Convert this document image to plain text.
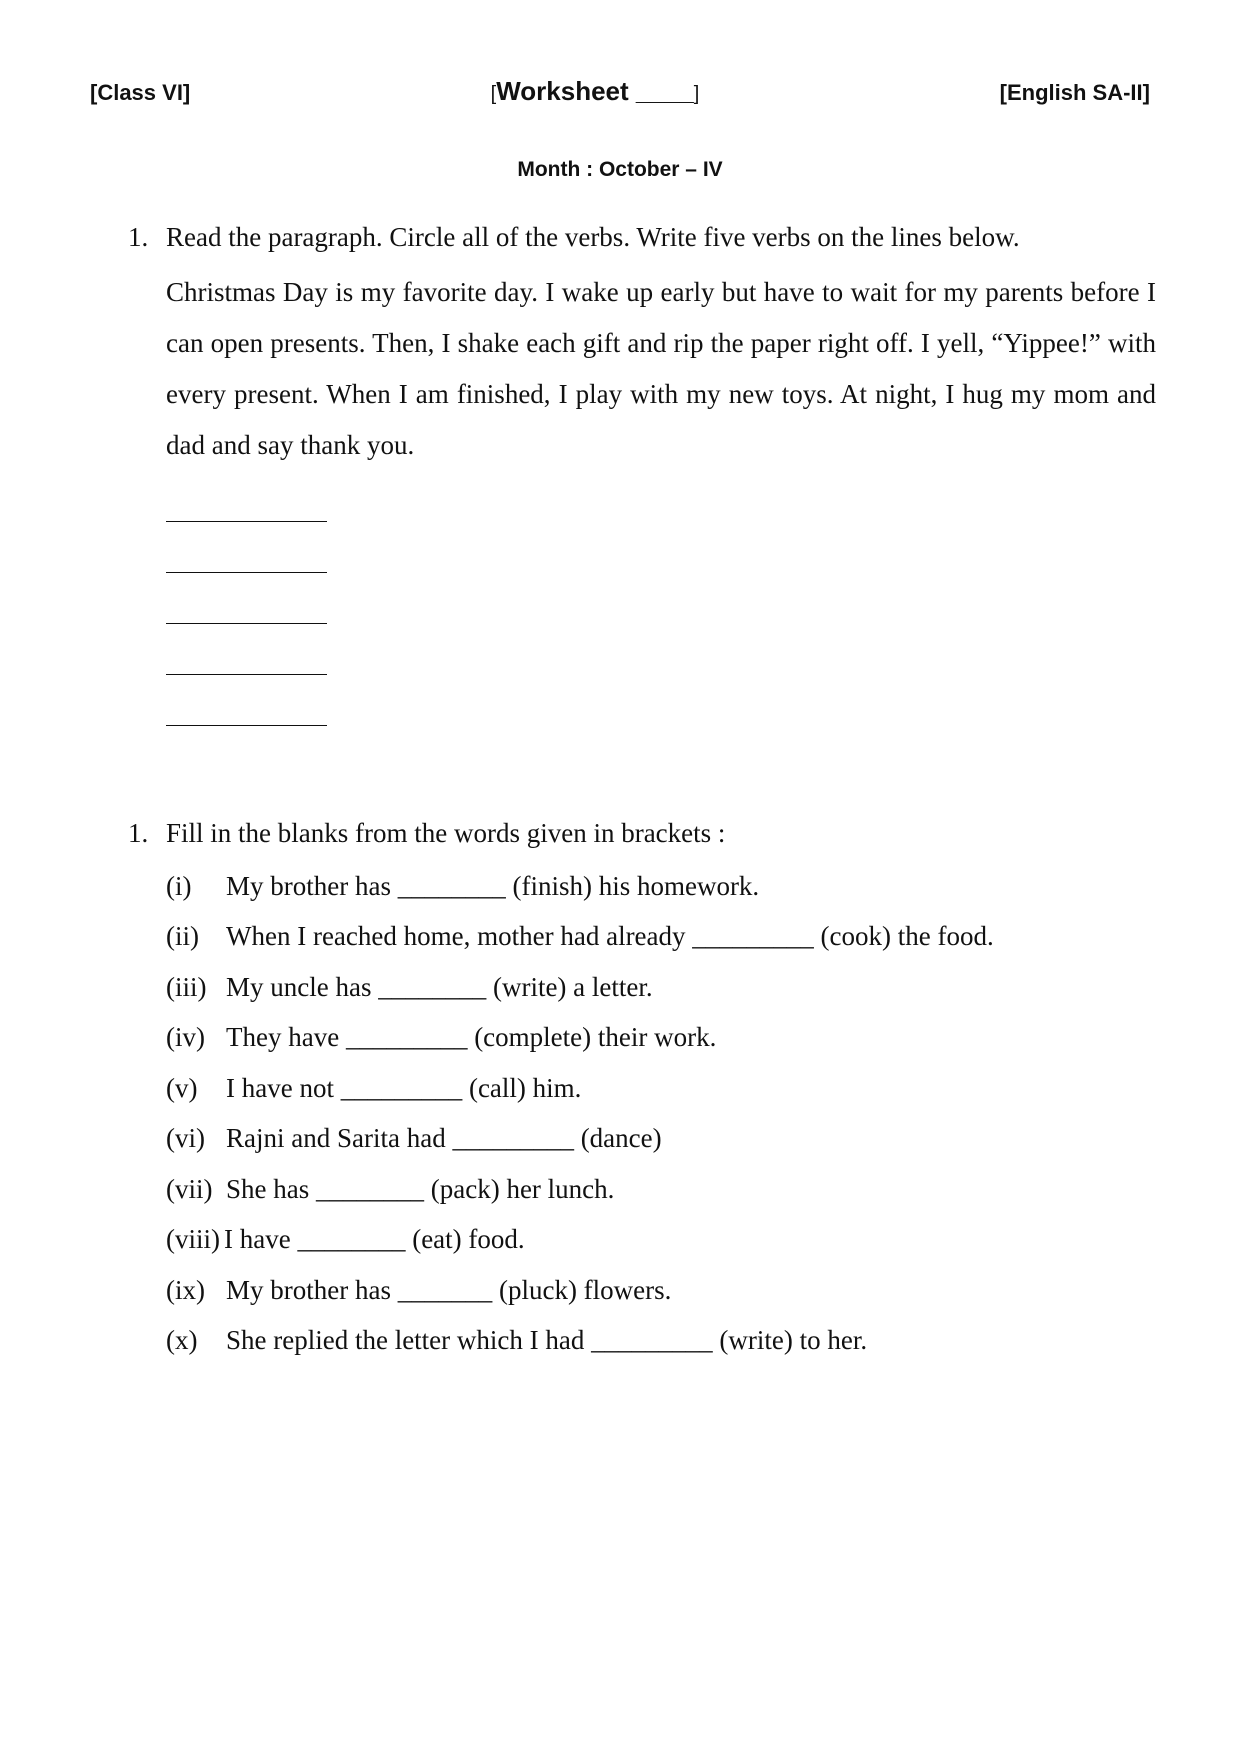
[Class VI]	[Worksheet ____]	[English SA-II]
Month : October – IV
1. Read the paragraph. Circle all of the verbs. Write five verbs on the lines below.
Christmas Day is my favorite day. I wake up early but have to wait for my parents before I can open presents. Then, I shake each gift and rip the paper right off. I yell, “Yippee!” with every present. When I am finished, I play with my new toys. At night, I hug my mom and dad and say thank you.
1. Fill in the blanks from the words given in brackets :
(i)	My brother has ________ (finish) his homework.
(ii)	When I reached home, mother had already _________ (cook) the food.
(iii) My uncle has ________ (write) a letter.
(iv) They have _________ (complete) their work.
(v)	I have not _________ (call) him.
(vi) Rajni and Sarita had _________ (dance)
(vii) She has ________ (pack) her lunch.
(viii) I have ________ (eat) food.
(ix) My brother has _______ (pluck) flowers.
(x)	She replied the letter which I had _________ (write) to her.
